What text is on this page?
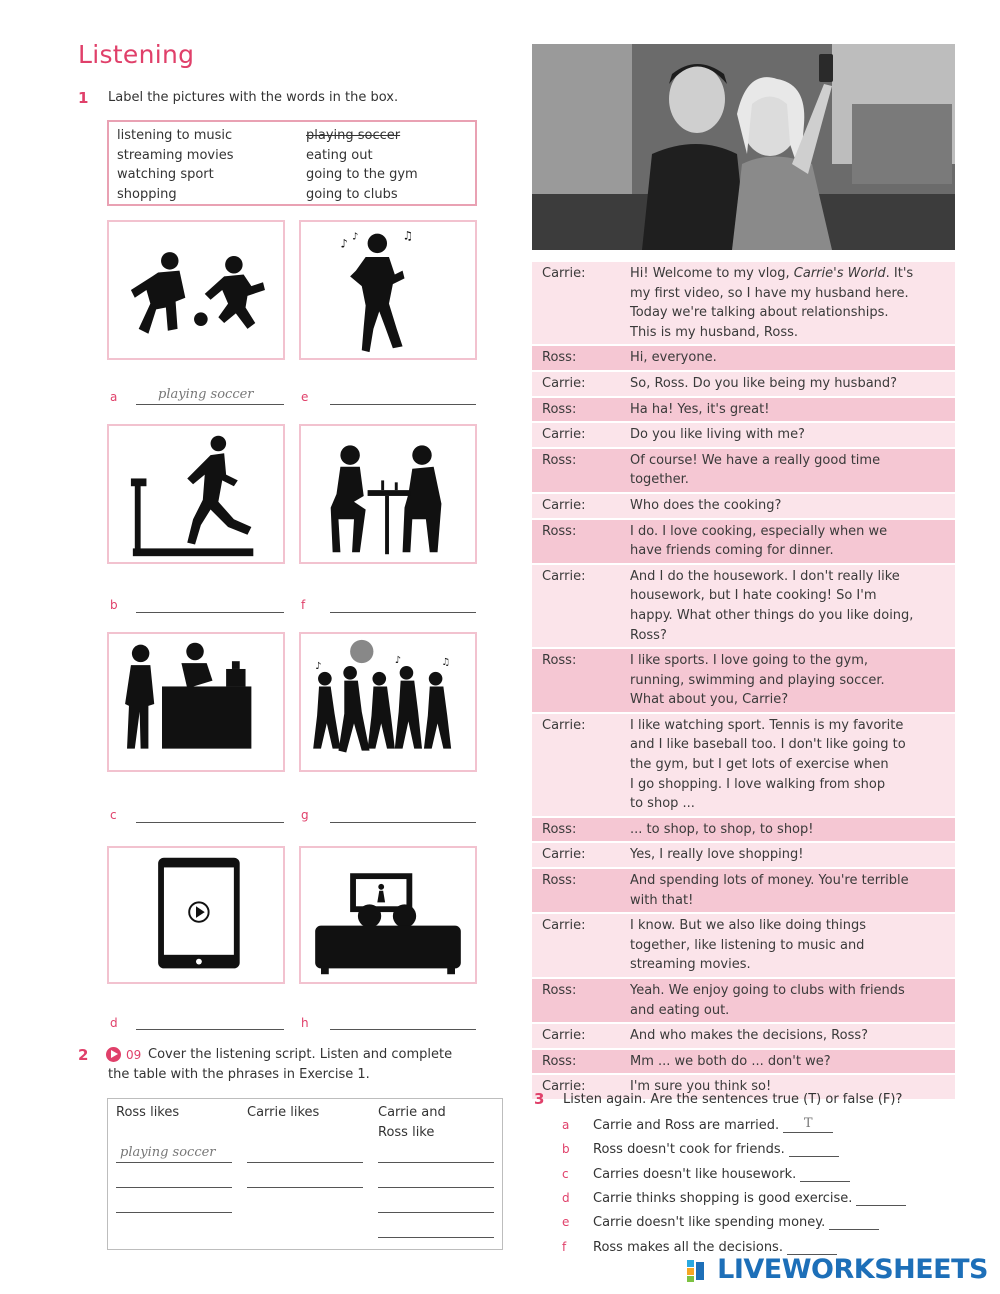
Listening
1 Label the pictures with the words in the box.
listening to music
streaming movies
watching sport
shopping
playing soccer
eating out
going to the gym
going to clubs
♪
♫
♪
a	playing soccer	e
b	f
♪	♫
♪
c	g
d	h
2	09 Cover the listening script. Listen and complete
the table with the phrases in Exercise 1.
Ross likes	Carrie likes	Carrie and
Ross like
playing soccer
Carrie:	Hi! Welcome to my vlog, Carrie's World. It's
my first video, so I have my husband here.
Today we're talking about relationships.
This is my husband, Ross.
Ross:	Hi, everyone.
Carrie:	So, Ross. Do you like being my husband?
Ross:	Ha ha! Yes, it's great!
Carrie:	Do you like living with me?
Ross:	Of course! We have a really good time
together.
Carrie:	Who does the cooking?
Ross:	I do. I love cooking, especially when we
have friends coming for dinner.
Carrie:	And I do the housework. I don't really like
housework, but I hate cooking! So I'm
happy. What other things do you like doing,
Ross?
Ross:	I like sports. I love going to the gym,
running, swimming and playing soccer.
What about you, Carrie?
Carrie:	I like watching sport. Tennis is my favorite
and I like baseball too. I don't like going to
the gym, but I get lots of exercise when
I go shopping. I love walking from shop
to shop ...
Ross:	... to shop, to shop, to shop!
Carrie:	Yes, I really love shopping!
Ross:	And spending lots of money. You're terrible
with that!
Carrie:	I know. But we also like doing things
together, like listening to music and
streaming movies.
Ross:	Yeah. We enjoy going to clubs with friends
and eating out.
Carrie:	And who makes the decisions, Ross?
Ross:	Mm ... we both do ... don't we?
Carrie:	I'm sure you think so!
3 Listen again. Are the sentences true (T) or false (F)?
a Carrie and Ross are married. T
b Ross doesn't cook for friends.
c Carries doesn't like housework.
d Carrie thinks shopping is good exercise.
e Carrie doesn't like spending money.
f Ross makes all the decisions.
LIVEWORKSHEETS
